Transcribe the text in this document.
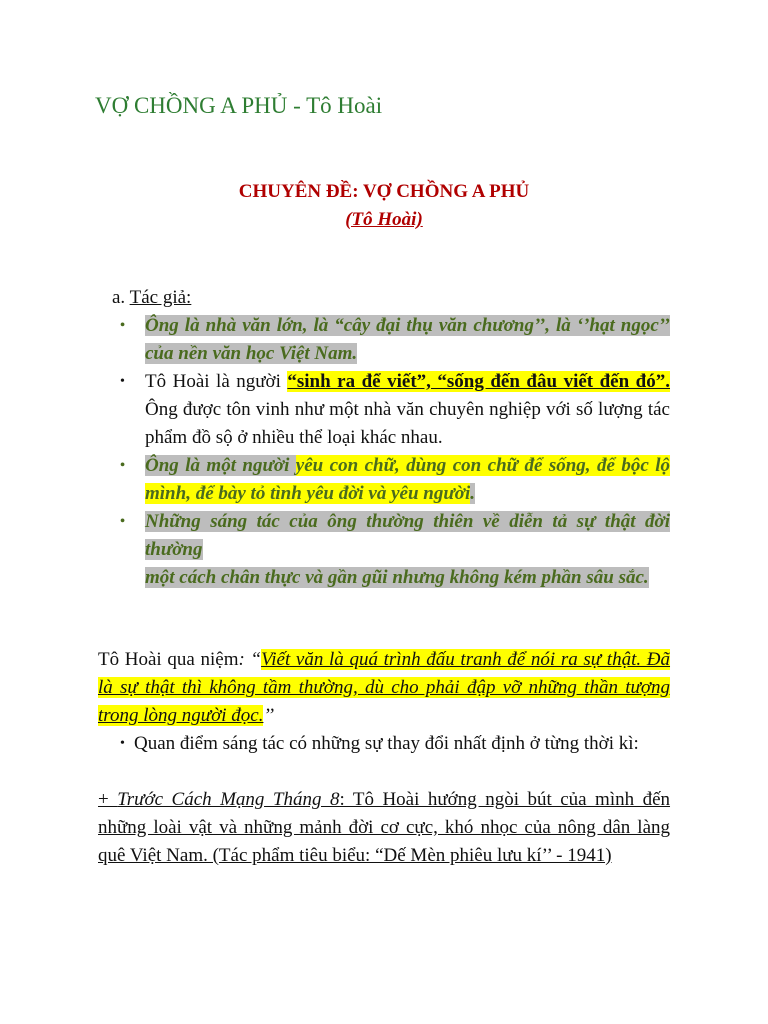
VỢ CHỒNG A PHỦ - Tô Hoài
CHUYÊN ĐỀ: VỢ CHỒNG A PHỦ
(Tô Hoài)
a. Tác giả:
• Ông là nhà văn lớn, là “cây đại thụ văn chương’’, là ‘’hạt ngọc’’ của nền văn học Việt Nam.
• Tô Hoài là người “sinh ra để viết”, “sống đến đâu viết đến đó”. Ông được tôn vinh như một nhà văn chuyên nghiệp với số lượng tác phẩm đồ sộ ở nhiều thể loại khác nhau.
• Ông là một người yêu con chữ, dùng con chữ để sống, để bộc lộ mình, để bày tỏ tình yêu đời và yêu người.
• Những sáng tác của ông thường thiên về diễn tả sự thật đời thường
một cách chân thực và gần gũi nhưng không kém phần sâu sắc.
Tô Hoài qua niệm: “Viết văn là quá trình đấu tranh để nói ra sự thật. Đã là sự thật thì không tầm thường, dù cho phải đập vỡ những thần tượng trong lòng người đọc.’’
• Quan điểm sáng tác có những sự thay đổi nhất định ở từng thời kì:
+ Trước Cách Mạng Tháng 8: Tô Hoài hướng ngòi bút của mình đến những loài vật và những mảnh đời cơ cực, khó nhọc của nông dân làng quê Việt Nam. (Tác phẩm tiêu biểu: “Dế Mèn phiêu lưu kí’’ - 1941)
